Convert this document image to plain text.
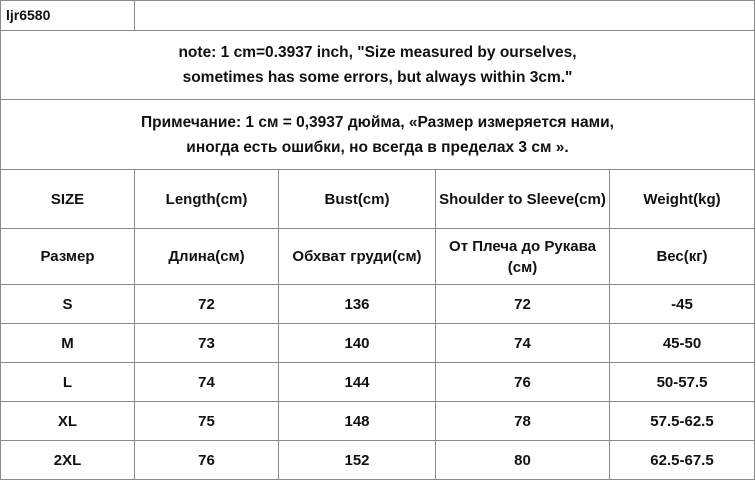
ljr6580				

note: 1 cm=0.3937 inch, "Size measured by ourselves,
sometimes has some errors, but always within 3cm."				

Примечание: 1 см = 0,3937 дюйма, «Размер измеряется нами,
иногда есть ошибки, но всегда в пределах 3 см ».				

SIZE	Length(cm)	Bust(cm)	Shoulder to Sleeve(cm)	Weight(kg)
Размер	Длина(см)	Обхват груди(см)	От Плеча до Рукава (см)	Вес(кг)
S	72	136	72	-45
M	73	140	74	45-50
L	74	144	76	50-57.5
XL	75	148	78	57.5-62.5
2XL	76	152	80	62.5-67.5
